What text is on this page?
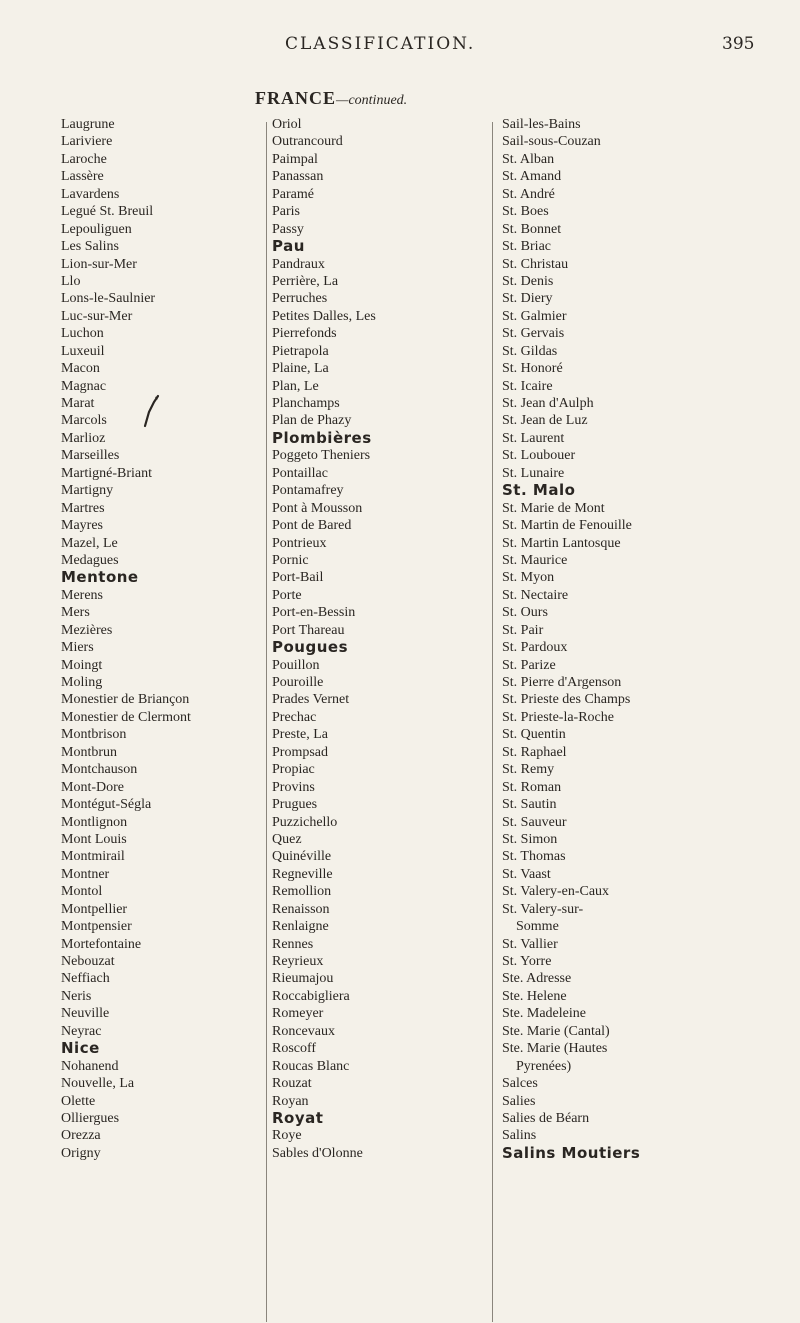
CLASSIFICATION.	395
FRANCE—continued.
Laugrune
Lariviere
Laroche
Lassère
Lavardens
Legué St. Breuil
Lepouliguen
Les Salins
Lion-sur-Mer
Llo
Lons-le-Saulnier
Luc-sur-Mer
Luchon
Luxeuil
Macon
Magnac
Marat
Marcols
Marlioz
Marseilles
Martigné-Briant
Martigny
Martres
Mayres
Mazel, Le
Medagues
Mentone
Merens
Mers
Mezières
Miers
Moingt
Moling
Monestier de Briançon
Monestier de Clermont
Montbrison
Montbrun
Montchauson
Mont-Dore
Montégut-Ségla
Montlignon
Mont Louis
Montmirail
Montner
Montol
Montpellier
Montpensier
Mortefontaine
Nebouzat
Neffiach
Neris
Neuville
Neyrac
Nice
Nohanend
Nouvelle, La
Olette
Olliergues
Orezza
Origny
Oriol
Outrancourd
Paimpal
Panassan
Paramé
Paris
Passy
Pau
Pandraux
Perrière, La
Perruches
Petites Dalles, Les
Pierrefonds
Pietrapola
Plaine, La
Plan, Le
Planchamps
Plan de Phazy
Plombières
Poggeto Theniers
Pontaillac
Pontamafrey
Pont à Mousson
Pont de Bared
Pontrieux
Pornic
Port-Bail
Porte
Port-en-Bessin
Port Thareau
Pougues
Pouillon
Pouroille
Prades Vernet
Prechac
Preste, La
Prompsad
Propiac
Provins
Prugues
Puzzichello
Quez
Quinéville
Regneville
Remollion
Renaisson
Renlaigne
Rennes
Reyrieux
Rieumajou
Roccabigliera
Romeyer
Roncevaux
Roscoff
Roucas Blanc
Rouzat
Royan
Royat
Roye
Sables d'Olonne
Sail-les-Bains
Sail-sous-Couzan
St. Alban
St. Amand
St. André
St. Boes
St. Bonnet
St. Briac
St. Christau
St. Denis
St. Diery
St. Galmier
St. Gervais
St. Gildas
St. Honoré
St. Icaire
St. Jean d'Aulph
St. Jean de Luz
St. Laurent
St. Loubouer
St. Lunaire
St. Malo
St. Marie de Mont
St. Martin de Fenouille
St. Martin Lantosque
St. Maurice
St. Myon
St. Nectaire
St. Ours
St. Pair
St. Pardoux
St. Parize
St. Pierre d'Argenson
St. Prieste des Champs
St. Prieste-la-Roche
St. Quentin
St. Raphael
St. Remy
St. Roman
St. Sautin
St. Sauveur
St. Simon
St. Thomas
St. Vaast
St. Valery-en-Caux
St. Valery-sur-
Somme
St. Vallier
St. Yorre
Ste. Adresse
Ste. Helene
Ste. Madeleine
Ste. Marie (Cantal)
Ste. Marie (Hautes
Pyrenées)
Salces
Salies
Salies de Béarn
Salins
Salins Moutiers
